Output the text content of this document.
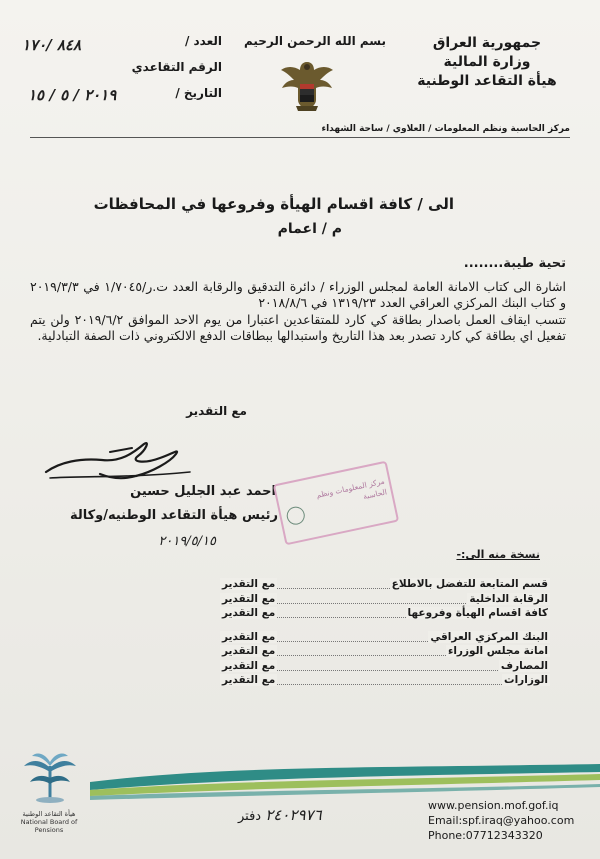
جمهورية العراق
وزارة المالية
هيأة التقاعد الوطنية
بسم الله الرحمن الرحيم
مركز الحاسبة ونظم المعلومات / العلاوي / ساحة الشهداء
العدد /
٨٤٨ /١٧٠
الرقم التقاعدي
التاريخ /
٢٠١٩ / ٥ / ١٥
الى / كافة اقسام الهيأة وفروعها في المحافظات
م / اعمام

تحية طيبة........

اشارة الى كتاب الامانة العامة لمجلس الوزراء / دائرة التدقيق والرقابة العدد ت.ر/١/٧٠٤٥ في ٢٠١٩/٣/٣ و كتاب البنك المركزي العراقي العدد ١٣١٩/٢٣ في ٢٠١٨/٨/٦

تتسب ايقاف العمل باصدار بطاقة كي كارد للمتقاعدين اعتبارا من يوم الاحد الموافق ٢٠١٩/٦/٢ ولن يتم تفعيل اي بطاقة كي كارد تصدر بعد هذا التاريخ واستبدالها ببطاقات الدفع الالكتروني ذات الصفة التبادلية.

مع التقدير
احمد عبد الجليل حسين
رئيس هيأة التقاعد الوطنيه/وكالة
٢٠١٩/٥/١٥
مركز المعلومات ونظم الحاسبة
نسخة منه الى:-
قسم المتابعة للتفضل بالاطلاع
مع التقدير
الرقابة الداخلية
مع التقدير
كافة اقسام الهيأة وفروعها
مع التقدير
البنك المركزي العراقي
مع التقدير
امانة مجلس الوزراء
مع التقدير
المصارف
مع التقدير
الوزارات
مع التقدير
هيأة التقاعد الوطنية National Board of Pensions
٢٤٠٢٩٧٦ دفتر
www.pension.mof.gof.iq
Email:spf.iraq@yahoo.com
Phone:07712343320
